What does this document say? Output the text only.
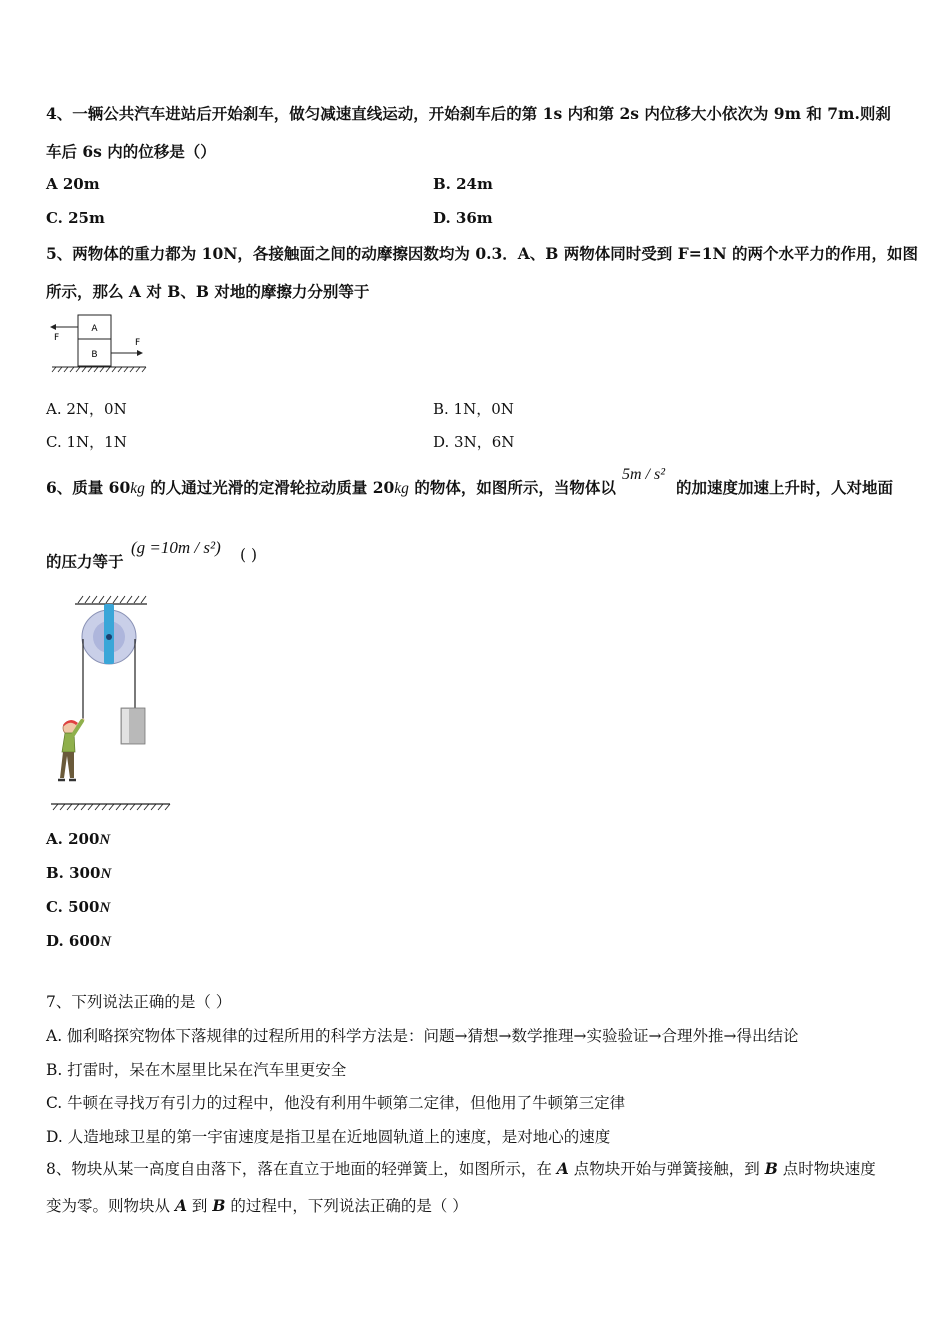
4、一辆公共汽车进站后开始刹车，做匀减速直线运动，开始刹车后的第 1s 内和第 2s 内位移大小依次为 9m 和 7m.则刹
车后 6s 内的位移是（）
A 20m	B. 24m
C. 25m	D. 36m
5、两物体的重力都为 10N，各接触面之间的动摩擦因数均为 0.3．A、B 两物体同时受到 F=1N 的两个水平力的作用，如图
所示，那么 A 对 B、B 对地的摩擦力分别等于
A
B
F	F
A. 2N，0N	B. 1N，0N
C. 1N，1N	D. 3N，6N
6、质量 60kg 的人通过光滑的定滑轮拉动质量 20kg 的物体，如图所示，当物体以
5m / s²
的加速度加速上升时，人对地面
的压力等于
(g =10m / s²) ( )
A. 200N
B. 300N
C. 500N
D. 600N
7、下列说法正确的是（ ）
A. 伽利略探究物体下落规律的过程所用的科学方法是：问题→猜想→数学推理→实验验证→合理外推→得出结论
B. 打雷时，呆在木屋里比呆在汽车里更安全
C. 牛顿在寻找万有引力的过程中，他没有利用牛顿第二定律，但他用了牛顿第三定律
D. 人造地球卫星的第一宇宙速度是指卫星在近地圆轨道上的速度，是对地心的速度
8、物块从某一高度自由落下，落在直立于地面的轻弹簧上，如图所示，在 A 点物块开始与弹簧接触，到 B 点时物块速度
变为零。则物块从 A 到 B 的过程中，下列说法正确的是（ ）
